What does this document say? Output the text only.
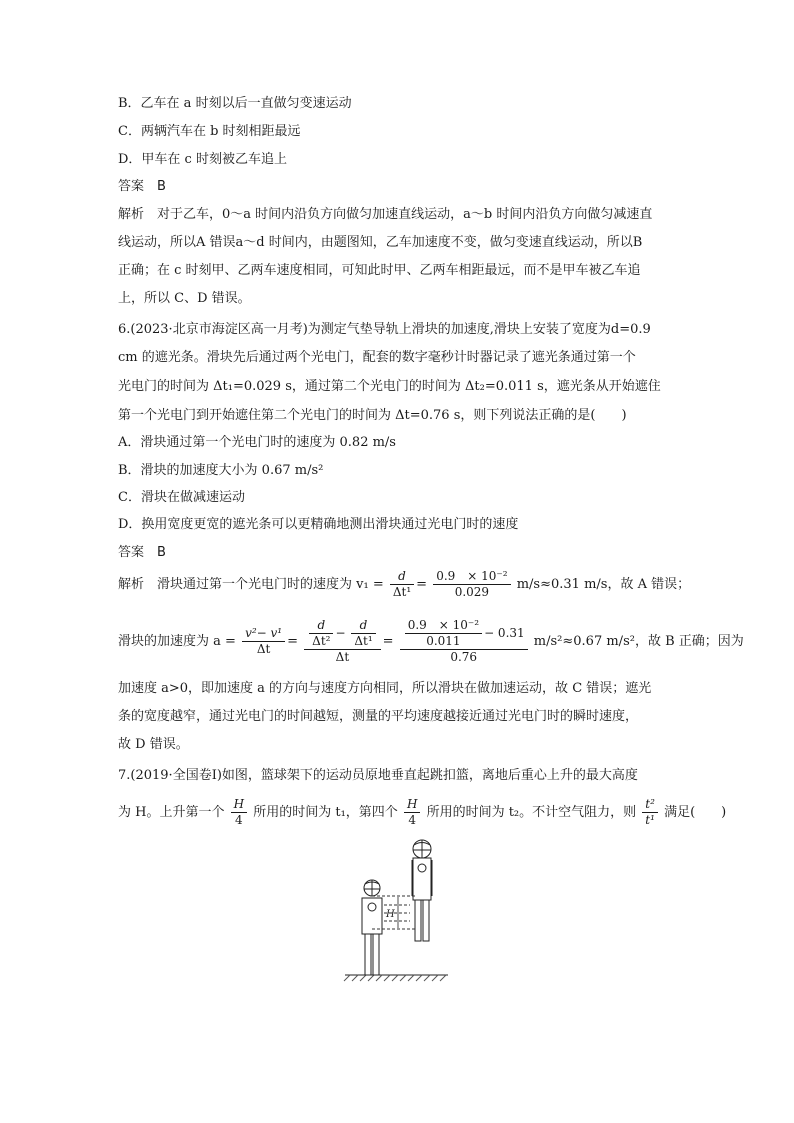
B．乙车在 a 时刻以后一直做匀变速运动
C．两辆汽车在 b 时刻相距最远
D．甲车在 c 时刻被乙车追上
答案　B
解析　对于乙车，0～a 时间内沿负方向做匀加速直线运动，a～b 时间内沿负方向做匀减速直
线运动，所以A 错误a～d 时间内，由题图知，乙车加速度不变，做匀变速直线运动，所以B
正确；在 c 时刻甲、乙两车速度相同，可知此时甲、乙两车相距最远，而不是甲车被乙车追
上，所以 C、D 错误。
6.(2023·北京市海淀区高一月考)为测定气垫导轨上滑块的加速度,滑块上安装了宽度为d=0.9
cm 的遮光条。滑块先后通过两个光电门，配套的数字毫秒计时器记录了遮光条通过第一个
光电门的时间为 Δt₁=0.029 s，通过第二个光电门的时间为 Δt₂=0.011 s，遮光条从开始遮住
第一个光电门到开始遮住第二个光电门的时间为 Δt=0.76 s，则下列说法正确的是(　　)
A．滑块通过第一个光电门时的速度为 0.82 m/s
B．滑块的加速度大小为 0.67 m/s²
C．滑块在做减速运动
D．换用宽度更宽的遮光条可以更精确地测出滑块通过光电门时的速度
答案　B
解析　滑块通过第一个光电门时的速度为 $v_1 = \frac{d}{\text{Δt¹}} = \frac{\text{0.9　× 10⁻²}}{0.029} m/s\approx 0.31$ m/s，故 A 错误；
滑块的加速度为 $a = \frac{\text{v²− v¹}}{\Delta t} = \frac{\frac{d}{\text{Δt²}} - \frac{d}{\text{Δt¹}}}{\Delta t} = \frac{\frac{\text{0.9　× 10⁻²}}{0.011} - 0.31}{0.76} m/s^2\approx 0.67$ m/s²，故 B 正确；因为
加速度 a>0，即加速度 a 的方向与速度方向相同，所以滑块在做加速运动，故 C 错误；遮光
条的宽度越窄，通过光电门的时间越短，测量的平均速度越接近通过光电门时的瞬时速度，
故 D 错误。
7.(2019·全国卷Ⅰ)如图，篮球架下的运动员原地垂直起跳扣篮，离地后重心上升的最大高度
为 H。上升第一个 $\frac{H}{4}$ 所用的时间为 t₁，第四个 $\frac{H}{4}$ 所用的时间为 t₂。不计空气阻力，则 $\frac{\text{t²}}{\text{t¹}}$ 满足(　　)
H
